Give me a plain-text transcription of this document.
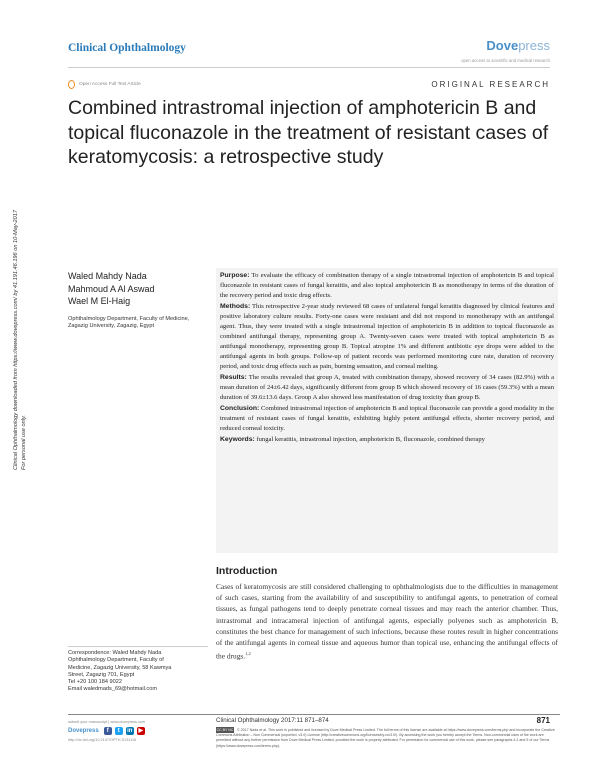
Clinical Ophthalmology	Dovepress
open access to scientific and medical research
Open Access Full Text Article	ORIGINAL RESEARCH
Combined intrastromal injection of amphotericin B and topical fluconazole in the treatment of resistant cases of keratomycosis: a retrospective study
Clinical Ophthalmology downloaded from https://www.dovepress.com/ by 41.191.46.196 on 10-May-2017 For personal use only.
Waled Mahdy Nada
Mahmoud A Al Aswad
Wael M El-Haig
Ophthalmology Department, Faculty of Medicine, Zagazig University, Zagazig, Egypt

Purpose: To evaluate the efficacy of combination therapy of a single intrastromal injection of amphotericin B and topical fluconazole in resistant cases of fungal keratitis, and also topical amphotericin B as monotherapy in terms of the duration of the recovery period and toxic drug effects.

Methods: This retrospective 2-year study reviewed 68 cases of unilateral fungal keratitis diagnosed by clinical features and positive laboratory culture results. Forty-one cases were resistant and did not respond to monotherapy with an antifungal agent. Thus, they were treated with a single intrastromal injection of amphotericin B in addition to topical fluconazole as combined antifungal therapy, representing group A. Twenty-seven cases were treated with topical amphotericin B as antifungal monotherapy, representing group B. Topical atropine 1% and different antibiotic eye drops were added to the antifungal agents in both groups. Follow-up of patient records was performed monitoring cure rate, duration of recovery period, and toxic drug effects such as pain, burning sensation, and corneal melting.

Results: The results revealed that group A, treated with combination therapy, showed recovery of 34 cases (82.9%) with a mean duration of 24±6.42 days, significantly different from group B which showed recovery of 16 cases (59.3%) with a mean duration of 39.6±13.6 days. Group A also showed less manifestation of drug toxicity than group B.

Conclusion: Combined intrastromal injection of amphotericin B and topical fluconazole can provide a good modality in the treatment of resistant cases of fungal keratitis, exhibiting highly potent antifungal effects, shorter recovery period, and reduced corneal toxicity.

Keywords: fungal keratitis, intrastromal injection, amphotericin B, fluconazole, combined therapy

Introduction

Cases of keratomycosis are still considered challenging to ophthalmologists due to the difficulties in management of such cases, starting from the availability of and susceptibility to antifungal agents, to penetration of corneal tissues, as fungal pathogens tend to deeply penetrate corneal tissues and may reach the anterior chamber. Thus, intrastromal and intracameral injection of antifungal agents, especially polyenes such as amphotericin B, constitutes the best chance for management of such infections, because these routes result in higher concentrations of the antifungal agents in corneal tissue and aqueous humor than topical use, enhancing the antifungal effects of the drugs.$^{1,2}$

Correspondence: Waled Mahdy Nada
Ophthalmology Department, Faculty of
Medicine, Zagazig University, 58 Kawmya
Street, Zagazig 701, Egypt
Tel +20 100 184 9022
Email waledmads_69@hotmail.com
submit your manuscript | www.dovepress.com
Dovepress	f	t	in ▶
http://dx.doi.org/10.2147/OPTH.S131116
Clinical Ophthalmology 2017:11 871–874	871
CC BY NC © 2017 Nada et al. This work is published and licensed by Dove Medical Press Limited. The full terms of this license are available at https://www.dovepress.com/terms.php and incorporate the Creative Commons Attribution – Non Commercial (unported, v3.0) License (http://creativecommons.org/licenses/by-nc/3.0/). By accessing the work you hereby accept the Terms. Non-commercial uses of the work are permitted without any further permission from Dove Medical Press Limited, provided the work is properly attributed. For permission for commercial use of this work, please see paragraphs 4.2 and 5 of our Terms (https://www.dovepress.com/terms.php).
